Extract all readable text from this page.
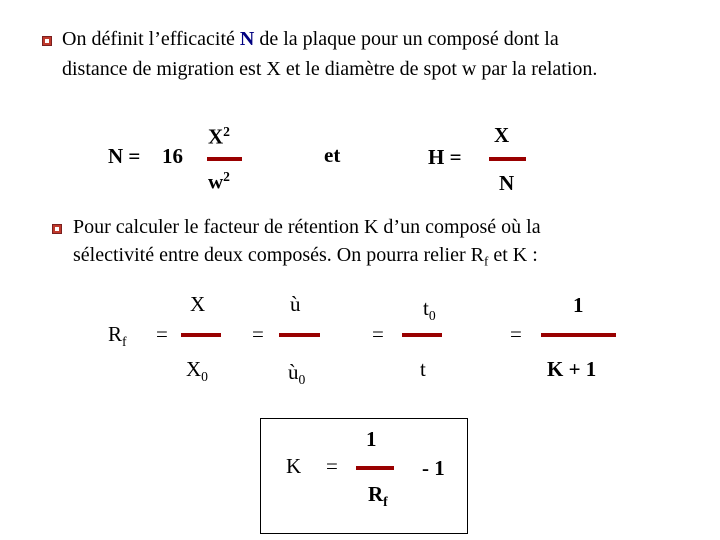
On définit l’efficacité N de la plaque pour un composé dont la
distance de migration est X et le diamètre de spot w par la relation.
N = 16
$X^2$
$w^2$
et	H =
X
N
Pour calculer le facteur de rétention K d’un composé où la
sélectivité entre deux composés. On pourra relier $R_f$ et K :
$R_f$ =
X
$X_0$
=
ù
$ù_0$
=
$t_0$
t
=
1
K + 1
K =
1
$R_f$
- 1
